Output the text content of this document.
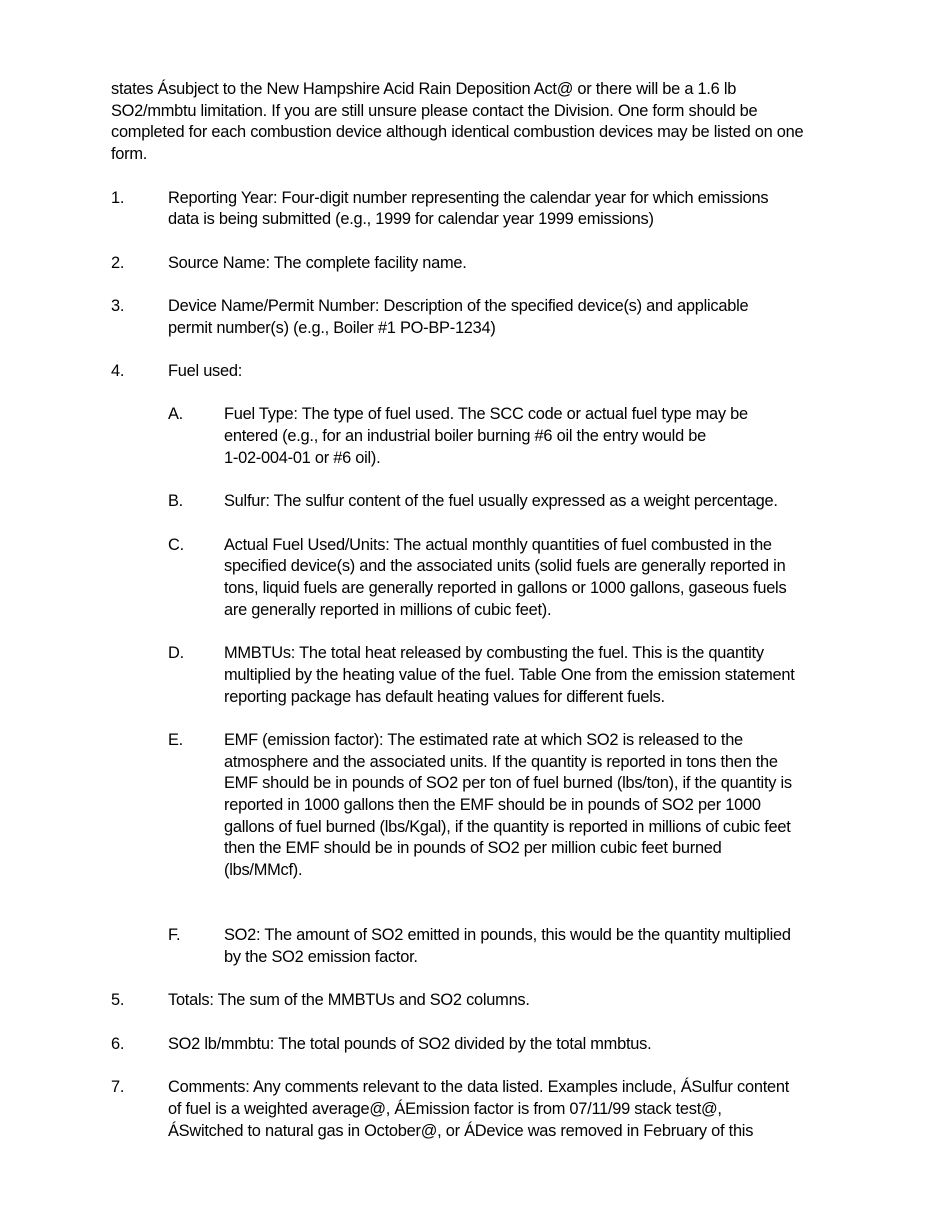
states Ásubject to the New Hampshire Acid Rain Deposition Act@ or there will be a 1.6 lb
SO2/mmbtu limitation. If you are still unsure please contact the Division. One form should be
completed for each combustion device although identical combustion devices may be listed on one
form.

1.	Reporting Year: Four-digit number representing the calendar year for which emissions
data is being submitted (e.g., 1999 for calendar year 1999 emissions)
2.	Source Name: The complete facility name.
3.	Device Name/Permit Number: Description of the specified device(s) and applicable
permit number(s) (e.g., Boiler #1 PO-BP-1234)
4.	Fuel used:
A.	Fuel Type: The type of fuel used. The SCC code or actual fuel type may be
entered (e.g., for an industrial boiler burning #6 oil the entry would be
1-02-004-01 or #6 oil).
B.	Sulfur: The sulfur content of the fuel usually expressed as a weight percentage.
C. Actual Fuel Used/Units: The actual monthly quantities of fuel combusted in the
specified device(s) and the associated units (solid fuels are generally reported in
tons, liquid fuels are generally reported in gallons or 1000 gallons, gaseous fuels
are generally reported in millions of cubic feet).
D. MMBTUs: The total heat released by combusting the fuel. This is the quantity
multiplied by the heating value of the fuel. Table One from the emission statement
reporting package has default heating values for different fuels.
E.	EMF (emission factor): The estimated rate at which SO2 is released to the
atmosphere and the associated units. If the quantity is reported in tons then the
EMF should be in pounds of SO2 per ton of fuel burned (lbs/ton), if the quantity is
reported in 1000 gallons then the EMF should be in pounds of SO2 per 1000
gallons of fuel burned (lbs/Kgal), if the quantity is reported in millions of cubic feet
then the EMF should be in pounds of SO2 per million cubic feet burned
(lbs/MMcf).
F.	SO2: The amount of SO2 emitted in pounds, this would be the quantity multiplied
by the SO2 emission factor.
5.	Totals: The sum of the MMBTUs and SO2 columns.
6.	SO2 lb/mmbtu: The total pounds of SO2 divided by the total mmbtus.
7.	Comments: Any comments relevant to the data listed. Examples include, ÁSulfur content
of fuel is a weighted average@, ÁEmission factor is from 07/11/99 stack test@,
ÁSwitched to natural gas in October@, or ÁDevice was removed in February of this
